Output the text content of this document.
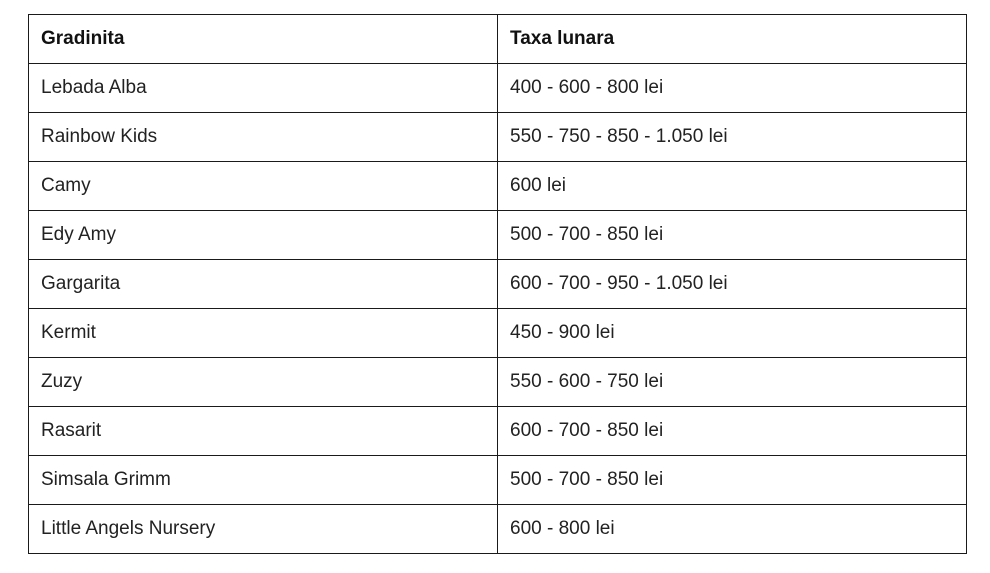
Gradinita	Taxa lunara
Lebada Alba	400 - 600 - 800 lei
Rainbow Kids	550 - 750 - 850 - 1.050 lei
Camy	600 lei
Edy Amy	500 - 700 - 850 lei
Gargarita	600 - 700 - 950 - 1.050 lei
Kermit	450 - 900 lei
Zuzy	550 - 600 - 750 lei
Rasarit	600 - 700 - 850 lei
Simsala Grimm	500 - 700 - 850 lei
Little Angels Nursery	600 - 800 lei
